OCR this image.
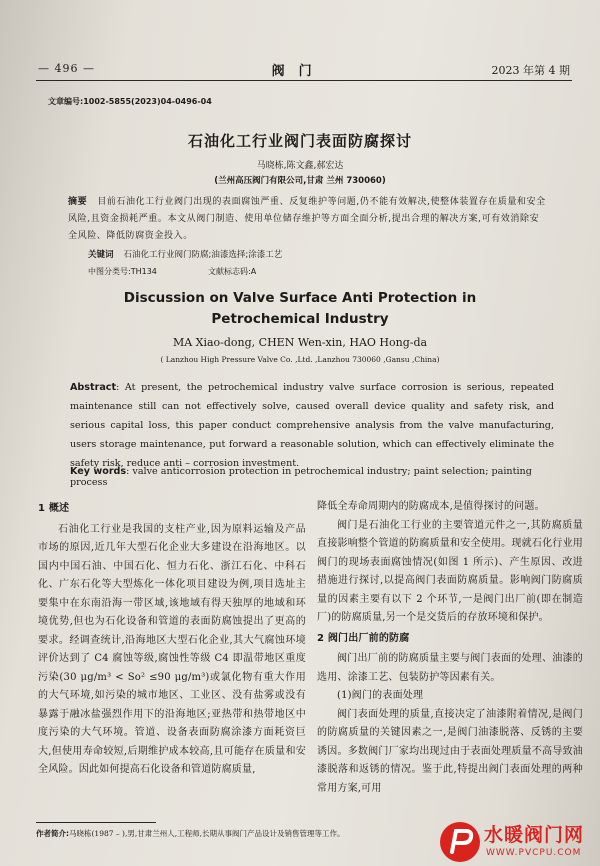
— 496 —	阀门	2023 年第 4 期
文章编号:1002-5855(2023)04-0496-04
石油化工行业阀门表面防腐探讨
马晓栋,陈文鑫,郝宏达
(兰州高压阀门有限公司,甘肃 兰州 730060)
摘要 目前石油化工行业阀门出现的表面腐蚀严重、反复维护等问题,仍不能有效解决,使整体装置存在质量和安全风险,且资金损耗严重。本文从阀门制造、使用单位储存维护等方面全面分析,提出合理的解决方案,可有效消除安全风险、降低防腐资金投入。
关键词 石油化工行业阀门防腐;油漆选择;涂漆工艺
中图分类号:TH134	文献标志码:A
Discussion on Valve Surface Anti Protection in
Petrochemical Industry
MA Xiao-dong, CHEN Wen-xin, HAO Hong-da
( Lanzhou High Pressure Valve Co. ,Ltd. ,Lanzhou 730060 ,Gansu ,China)
Abstract: At present, the petrochemical industry valve surface corrosion is serious, repeated maintenance still can not effectively solve, caused overall device quality and safety risk, and serious capital loss, this paper conduct comprehensive analysis from the valve manufacturing, users storage maintenance, put forward a reasonable solution, which can effectively eliminate the safety risk, reduce anti – corrosion investment.
Key words: valve anticorrosion protection in petrochemical industry; paint selection; painting process
1 概述

石油化工行业是我国的支柱产业,因为原料运输及产品市场的原因,近几年大型石化企业大多建设在沿海地区。以国内中国石油、中国石化、恒力石化、浙江石化、中科石化、广东石化等大型炼化一体化项目建设为例,项目选址主要集中在东南沿海一带区域,该地域有得天独厚的地域和环境优势,但也为石化设备和管道的表面防腐蚀提出了更高的要求。经调查统计,沿海地区大型石化企业,其大气腐蚀环境评价达到了 C4 腐蚀等级,腐蚀性等级 C4 即温带地区重度污染(30 μg/m³ < So² ≤90 μg/m³)或氯化物有重大作用的大气环境,如污染的城市地区、工业区、没有盐雾或没有暴露于融冰盐强烈作用下的沿海地区;亚热带和热带地区中度污染的大气环境。管道、设备表面防腐涂漆方面耗资巨大,但使用寿命较短,后期维护成本较高,且可能存在质量和安全风险。因此如何提高石化设备和管道防腐质量,

降低全寿命周期内的防腐成本,是值得探讨的问题。

阀门是石油化工行业的主要管道元件之一,其防腐质量直接影响整个管道的防腐质量和安全使用。现就石化行业用阀门的现场表面腐蚀情况(如图 1 所示)、产生原因、改进措施进行探讨,以提高阀门表面防腐质量。影响阀门防腐质量的因素主要有以下 2 个环节,一是阀门出厂前(即在制造厂)的防腐质量,另一个是交货后的存放环境和保护。

2 阀门出厂前的防腐

阀门出厂前的防腐质量主要与阀门表面的处理、油漆的选用、涂漆工艺、包装防护等因素有关。

(1)阀门的表面处理

阀门表面处理的质量,直接决定了油漆附着情况,是阀门的防腐质量的关键因素之一,是阀门油漆脱落、反锈的主要诱因。多数阀门厂家均出现过由于表面处理质量不高导致油漆脱落和返锈的情况。鉴于此,特提出阀门表面处理的两种常用方案,可用

作者简介:马晓栋(1987 – ),男,甘肃兰州人,工程师,长期从事阀门产品设计及销售管理等工作。	水暖阀门网
WWW.PVCPU.COM
